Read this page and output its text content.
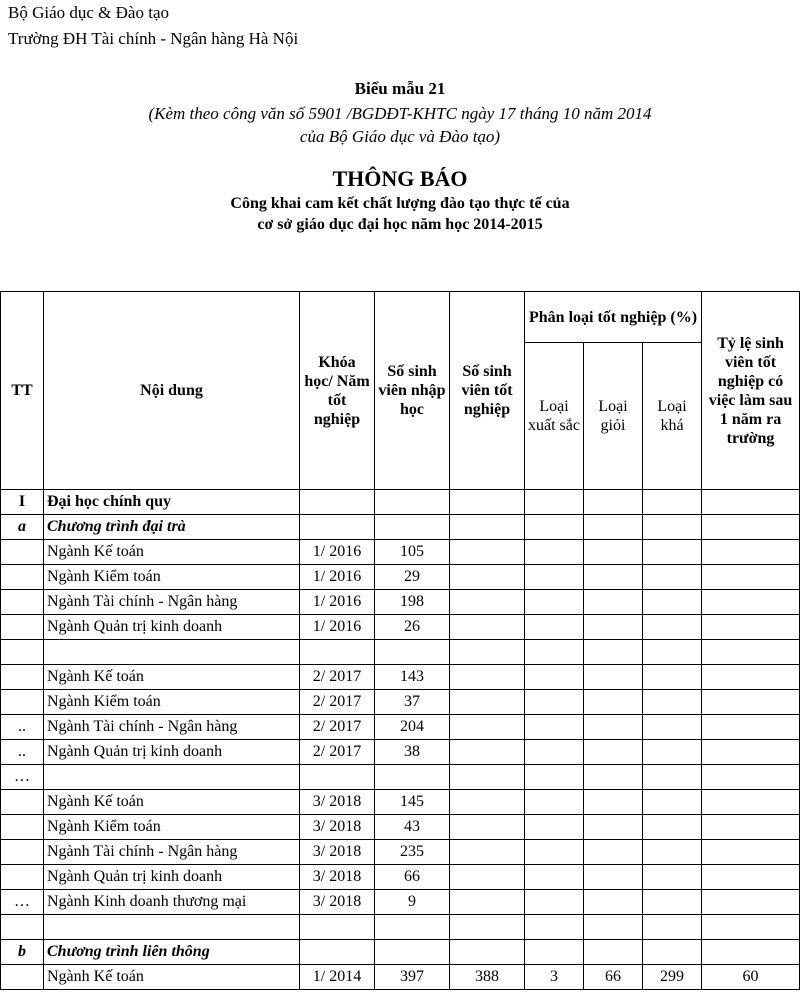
Bộ Giáo dục & Đào tạo
Trường ĐH Tài chính - Ngân hàng Hà Nội
Biểu mẫu 21
(Kèm theo công văn số 5901 /BGDĐT-KHTC ngày 17 tháng 10 năm 2014
của Bộ Giáo dục và Đào tạo)
THÔNG BÁO
Công khai cam kết chất lượng đào tạo thực tế của
cơ sở giáo dục đại học năm học 2014-2015
TT	Nội dung	Khóa học/ Năm tốt nghiệp	Số sinh viên nhập học	Số sinh viên tốt nghiệp	Phân loại tốt nghiệp (%)			Tỷ lệ sinh viên tốt nghiệp có việc làm sau 1 năm ra trường
					Loại xuất sắc	Loại giỏi	Loại khá	
I	Đại học chính quy							
a	Chương trình đại trà							
	Ngành Kế toán	1/ 2016	105					
	Ngành Kiểm toán	1/ 2016	29					
	Ngành Tài chính - Ngân hàng	1/ 2016	198					
	Ngành Quản trị kinh doanh	1/ 2016	26					

	Ngành Kế toán	2/ 2017	143					
	Ngành Kiểm toán	2/ 2017	37					
..	Ngành Tài chính - Ngân hàng	2/ 2017	204					
..	Ngành Quản trị kinh doanh	2/ 2017	38					
…								
	Ngành Kế toán	3/ 2018	145					
	Ngành Kiểm toán	3/ 2018	43					
	Ngành Tài chính - Ngân hàng	3/ 2018	235					
	Ngành Quản trị kinh doanh	3/ 2018	66					
…	Ngành Kinh doanh thương mại	3/ 2018	9					

b	Chương trình liên thông							
	Ngành Kế toán	1/ 2014	397	388	3	66	299	60
